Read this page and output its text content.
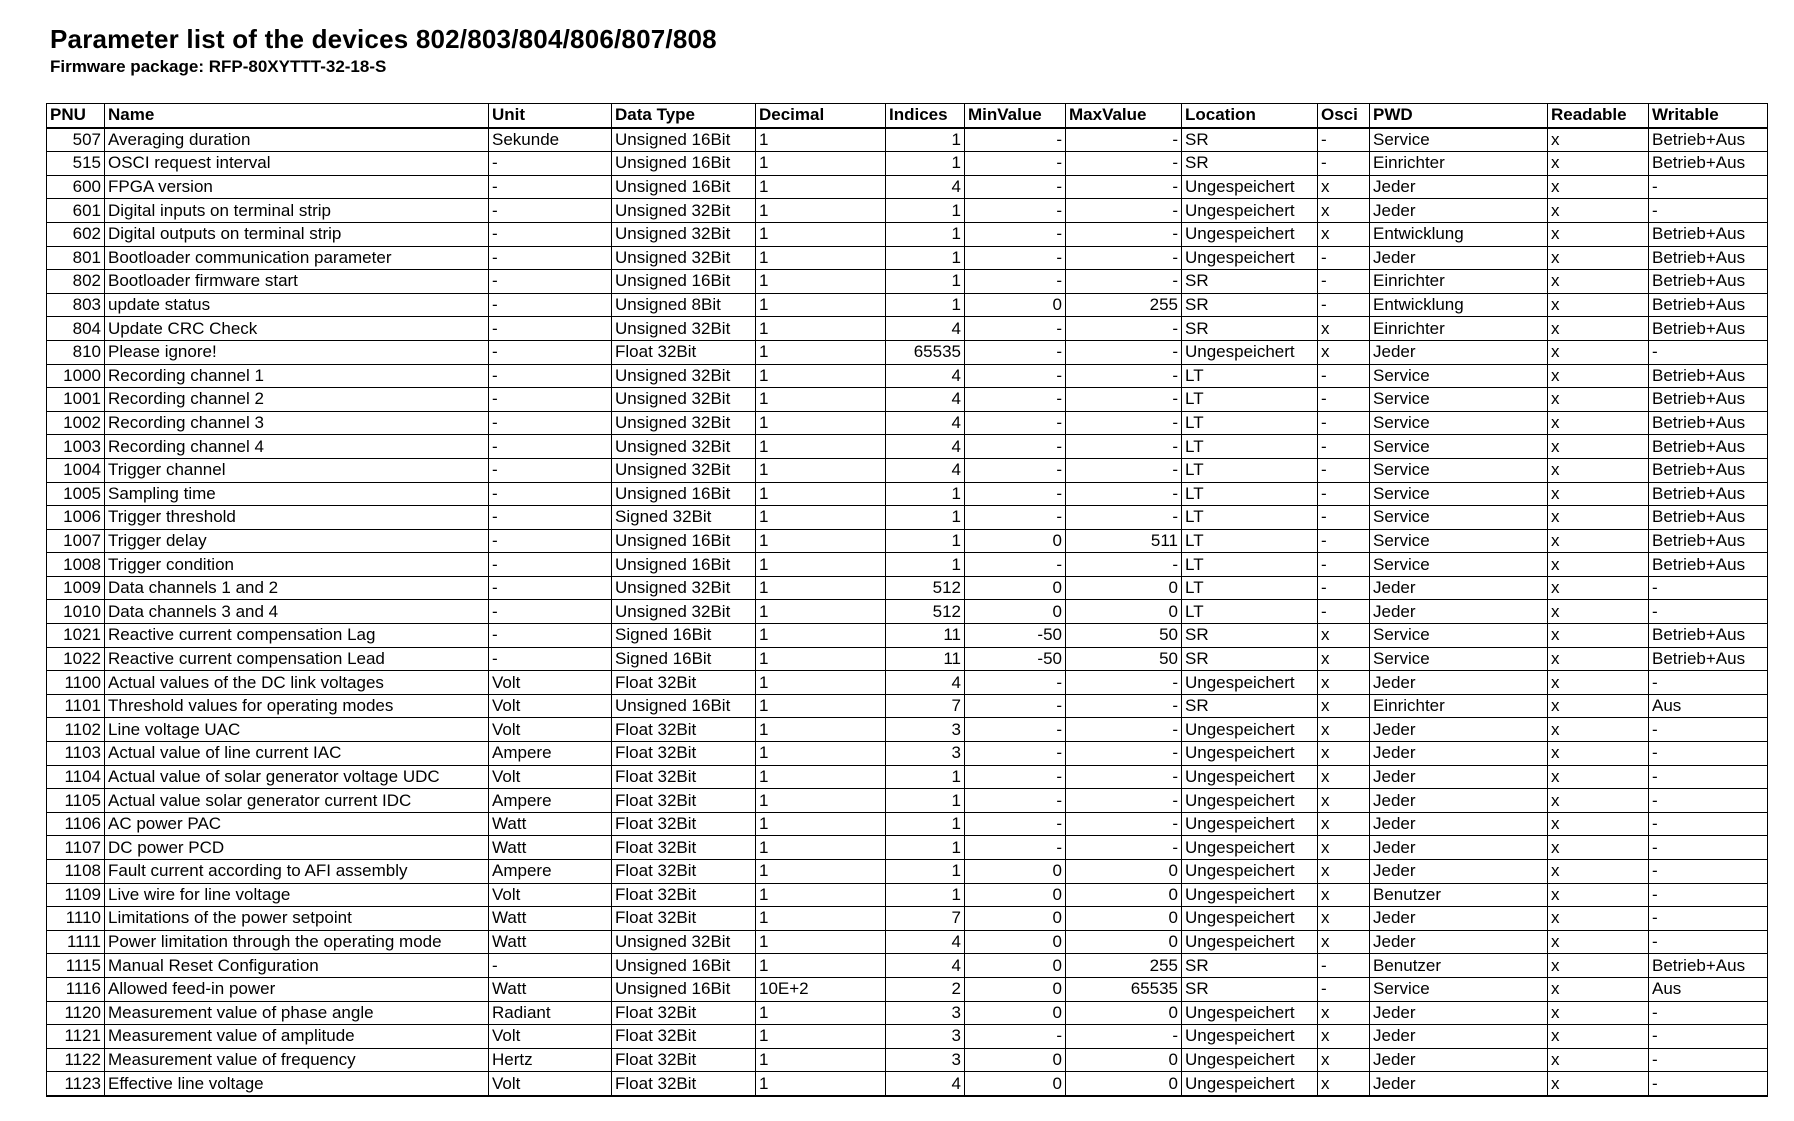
Parameter list of the devices 802/803/804/806/807/808
Firmware package: RFP-80XYTTT-32-18-S
PNU	Name	Unit	Data Type	Decimal	Indices	MinValue	MaxValue	Location	Osci	PWD	Readable	Writable
507	Averaging duration	Sekunde	Unsigned 16Bit	1	1	-	-	SR	-	Service	x	Betrieb+Aus
515	OSCI request interval	-	Unsigned 16Bit	1	1	-	-	SR	-	Einrichter	x	Betrieb+Aus
600	FPGA version	-	Unsigned 16Bit	1	4	-	-	Ungespeichert	x	Jeder	x	-
601	Digital inputs on terminal strip	-	Unsigned 32Bit	1	1	-	-	Ungespeichert	x	Jeder	x	-
602	Digital outputs on terminal strip	-	Unsigned 32Bit	1	1	-	-	Ungespeichert	x	Entwicklung	x	Betrieb+Aus
801	Bootloader communication parameter	-	Unsigned 32Bit	1	1	-	-	Ungespeichert	-	Jeder	x	Betrieb+Aus
802	Bootloader firmware start	-	Unsigned 16Bit	1	1	-	-	SR	-	Einrichter	x	Betrieb+Aus
803	update status	-	Unsigned 8Bit	1	1	0	255	SR	-	Entwicklung	x	Betrieb+Aus
804	Update CRC Check	-	Unsigned 32Bit	1	4	-	-	SR	x	Einrichter	x	Betrieb+Aus
810	Please ignore!	-	Float 32Bit	1	65535	-	-	Ungespeichert	x	Jeder	x	-
1000	Recording channel 1	-	Unsigned 32Bit	1	4	-	-	LT	-	Service	x	Betrieb+Aus
1001	Recording channel 2	-	Unsigned 32Bit	1	4	-	-	LT	-	Service	x	Betrieb+Aus
1002	Recording channel 3	-	Unsigned 32Bit	1	4	-	-	LT	-	Service	x	Betrieb+Aus
1003	Recording channel 4	-	Unsigned 32Bit	1	4	-	-	LT	-	Service	x	Betrieb+Aus
1004	Trigger channel	-	Unsigned 32Bit	1	4	-	-	LT	-	Service	x	Betrieb+Aus
1005	Sampling time	-	Unsigned 16Bit	1	1	-	-	LT	-	Service	x	Betrieb+Aus
1006	Trigger threshold	-	Signed 32Bit	1	1	-	-	LT	-	Service	x	Betrieb+Aus
1007	Trigger delay	-	Unsigned 16Bit	1	1	0	511	LT	-	Service	x	Betrieb+Aus
1008	Trigger condition	-	Unsigned 16Bit	1	1	-	-	LT	-	Service	x	Betrieb+Aus
1009	Data channels 1 and 2	-	Unsigned 32Bit	1	512	0	0	LT	-	Jeder	x	-
1010	Data channels 3 and 4	-	Unsigned 32Bit	1	512	0	0	LT	-	Jeder	x	-
1021	Reactive current compensation Lag	-	Signed 16Bit	1	11	-50	50	SR	x	Service	x	Betrieb+Aus
1022	Reactive current compensation Lead	-	Signed 16Bit	1	11	-50	50	SR	x	Service	x	Betrieb+Aus
1100	Actual values of the DC link voltages	Volt	Float 32Bit	1	4	-	-	Ungespeichert	x	Jeder	x	-
1101	Threshold values for operating modes	Volt	Unsigned 16Bit	1	7	-	-	SR	x	Einrichter	x	Aus
1102	Line voltage UAC	Volt	Float 32Bit	1	3	-	-	Ungespeichert	x	Jeder	x	-
1103	Actual value of line current IAC	Ampere	Float 32Bit	1	3	-	-	Ungespeichert	x	Jeder	x	-
1104	Actual value of solar generator voltage UDC	Volt	Float 32Bit	1	1	-	-	Ungespeichert	x	Jeder	x	-
1105	Actual value solar generator current IDC	Ampere	Float 32Bit	1	1	-	-	Ungespeichert	x	Jeder	x	-
1106	AC power PAC	Watt	Float 32Bit	1	1	-	-	Ungespeichert	x	Jeder	x	-
1107	DC power PCD	Watt	Float 32Bit	1	1	-	-	Ungespeichert	x	Jeder	x	-
1108	Fault current according to AFI assembly	Ampere	Float 32Bit	1	1	0	0	Ungespeichert	x	Jeder	x	-
1109	Live wire for line voltage	Volt	Float 32Bit	1	1	0	0	Ungespeichert	x	Benutzer	x	-
1110	Limitations of the power setpoint	Watt	Float 32Bit	1	7	0	0	Ungespeichert	x	Jeder	x	-
1111	Power limitation through the operating mode	Watt	Unsigned 32Bit	1	4	0	0	Ungespeichert	x	Jeder	x	-
1115	Manual Reset Configuration	-	Unsigned 16Bit	1	4	0	255	SR	-	Benutzer	x	Betrieb+Aus
1116	Allowed feed-in power	Watt	Unsigned 16Bit	10E+2	2	0	65535	SR	-	Service	x	Aus
1120	Measurement value of phase angle	Radiant	Float 32Bit	1	3	0	0	Ungespeichert	x	Jeder	x	-
1121	Measurement value of amplitude	Volt	Float 32Bit	1	3	-	-	Ungespeichert	x	Jeder	x	-
1122	Measurement value of frequency	Hertz	Float 32Bit	1	3	0	0	Ungespeichert	x	Jeder	x	-
1123	Effective line voltage	Volt	Float 32Bit	1	4	0	0	Ungespeichert	x	Jeder	x	-
